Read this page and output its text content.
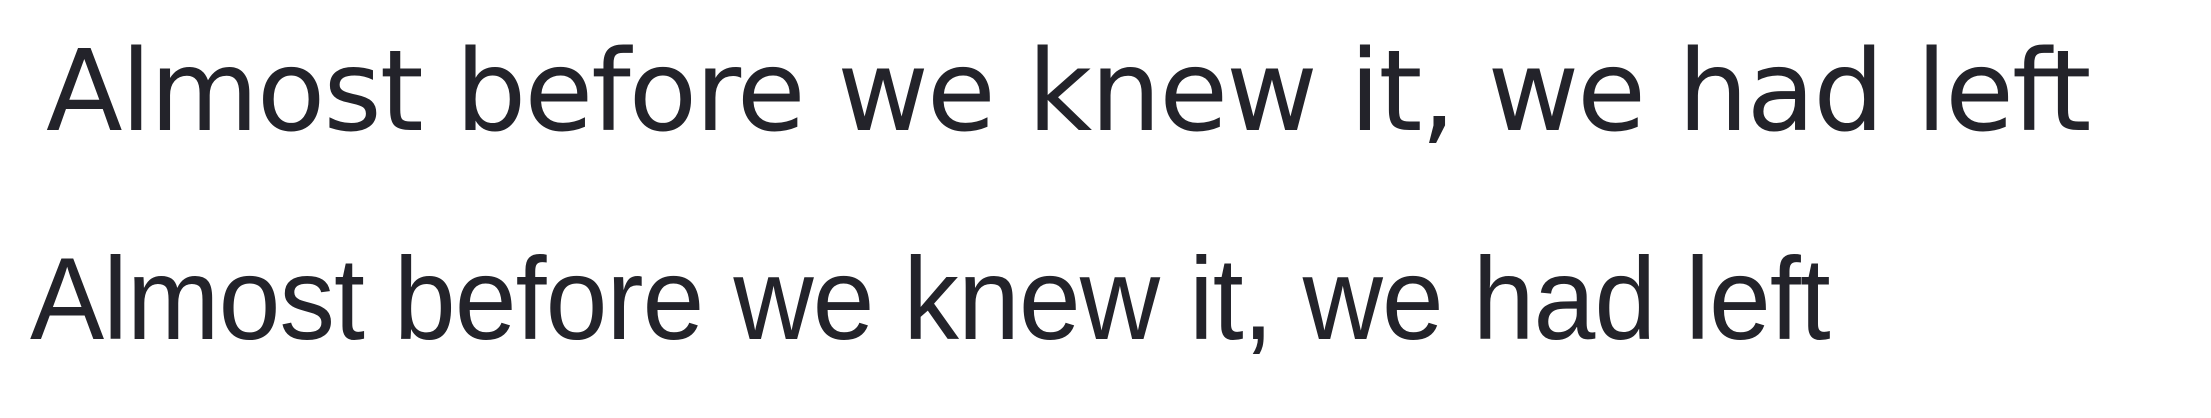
Almost before we knew it, we had left
Almost before we knew it, we had left
